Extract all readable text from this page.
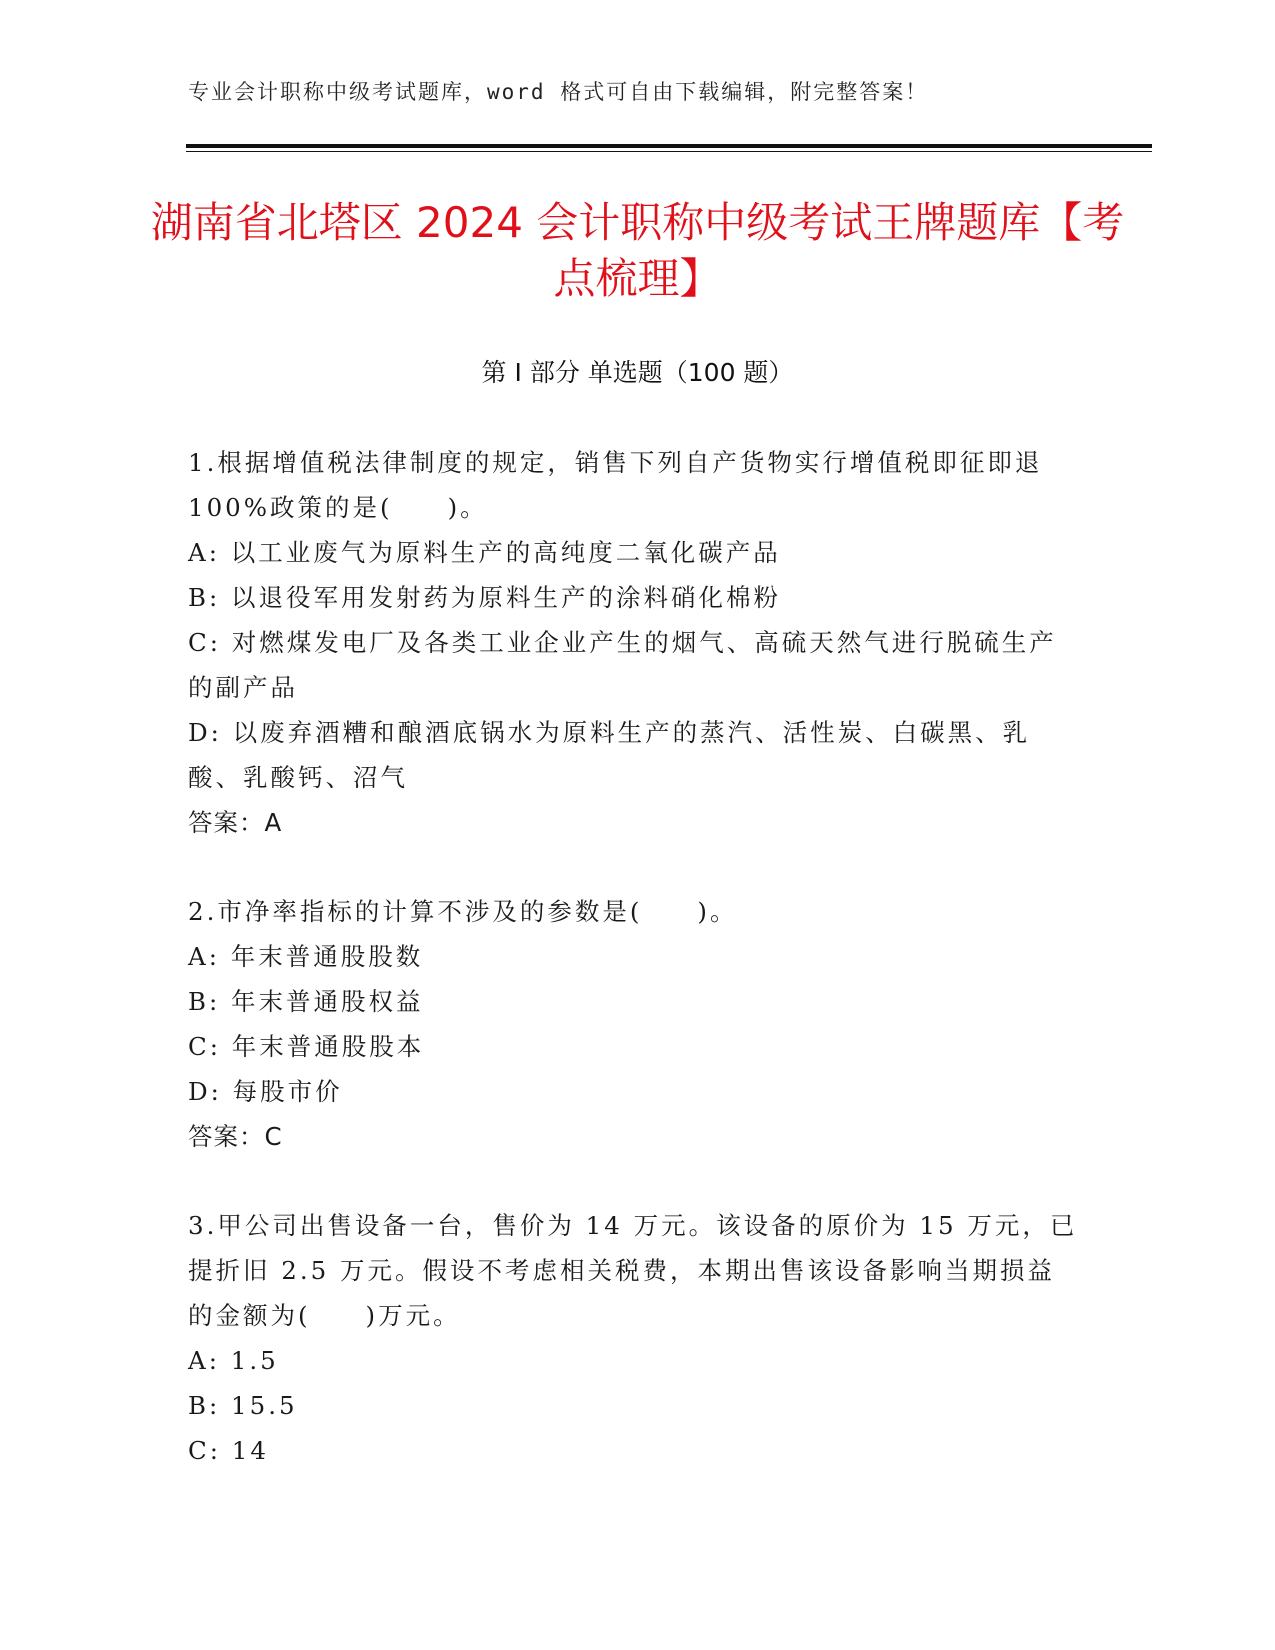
专业会计职称中级考试题库，word 格式可自由下载编辑，附完整答案！
湖南省北塔区 2024 会计职称中级考试王牌题库【考点梳理】
第 I 部分 单选题（100 题）

1.根据增值税法律制度的规定，销售下列自产货物实行增值税即征即退 100%政策的是(　　)。

A: 以工业废气为原料生产的高纯度二氧化碳产品

B: 以退役军用发射药为原料生产的涂料硝化棉粉

C: 对燃煤发电厂及各类工业企业产生的烟气、高硫天然气进行脱硫生产的副产品

D: 以废弃酒糟和酿酒底锅水为原料生产的蒸汽、活性炭、白碳黑、乳酸、乳酸钙、沼气

答案：A

2.市净率指标的计算不涉及的参数是(　　)。

A: 年末普通股股数

B: 年末普通股权益

C: 年末普通股股本

D: 每股市价

答案：C

3.甲公司出售设备一台，售价为 14 万元。该设备的原价为 15 万元，已提折旧 2.5 万元。假设不考虑相关税费，本期出售该设备影响当期损益的金额为(　　)万元。

A: 1.5

B: 15.5

C: 14
